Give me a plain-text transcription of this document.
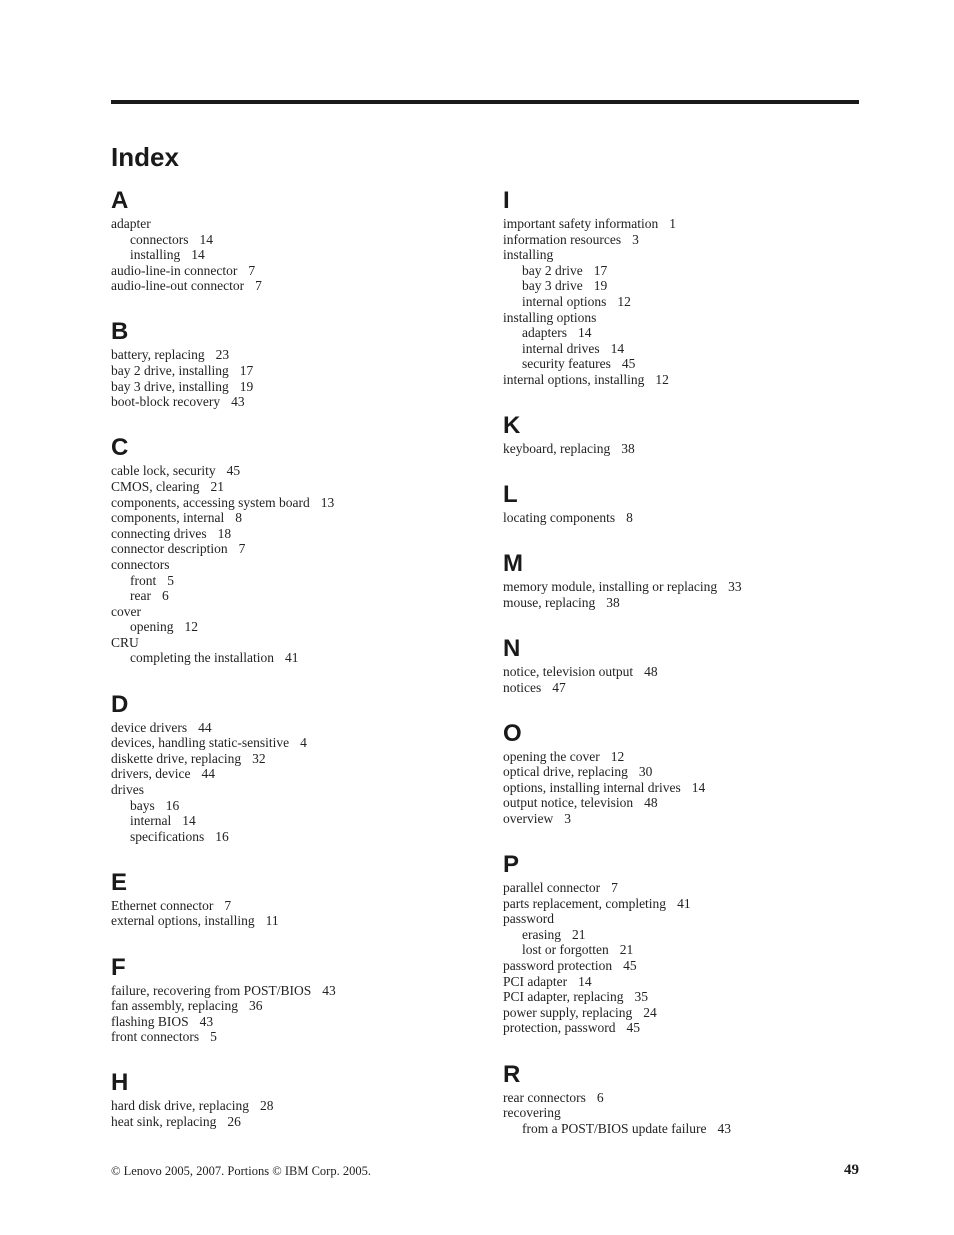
Index
A
adapter
connectors 14
installing 14
audio-line-in connector 7
audio-line-out connector 7
B
battery, replacing 23
bay 2 drive, installing 17
bay 3 drive, installing 19
boot-block recovery 43
C
cable lock, security 45
CMOS, clearing 21
components, accessing system board 13
components, internal 8
connecting drives 18
connector description 7
connectors
front 5
rear 6
cover
opening 12
CRU
completing the installation 41
D
device drivers 44
devices, handling static-sensitive 4
diskette drive, replacing 32
drivers, device 44
drives
bays 16
internal 14
specifications 16
E
Ethernet connector 7
external options, installing 11
F
failure, recovering from POST/BIOS 43
fan assembly, replacing 36
flashing BIOS 43
front connectors 5
H
hard disk drive, replacing 28
heat sink, replacing 26
I
important safety information 1
information resources 3
installing
bay 2 drive 17
bay 3 drive 19
internal options 12
installing options
adapters 14
internal drives 14
security features 45
internal options, installing 12
K
keyboard, replacing 38
L
locating components 8
M
memory module, installing or replacing 33
mouse, replacing 38
N
notice, television output 48
notices 47
O
opening the cover 12
optical drive, replacing 30
options, installing internal drives 14
output notice, television 48
overview 3
P
parallel connector 7
parts replacement, completing 41
password
erasing 21
lost or forgotten 21
password protection 45
PCI adapter 14
PCI adapter, replacing 35
power supply, replacing 24
protection, password 45
R
rear connectors 6
recovering
from a POST/BIOS update failure 43
© Lenovo 2005, 2007. Portions © IBM Corp. 2005.	49
